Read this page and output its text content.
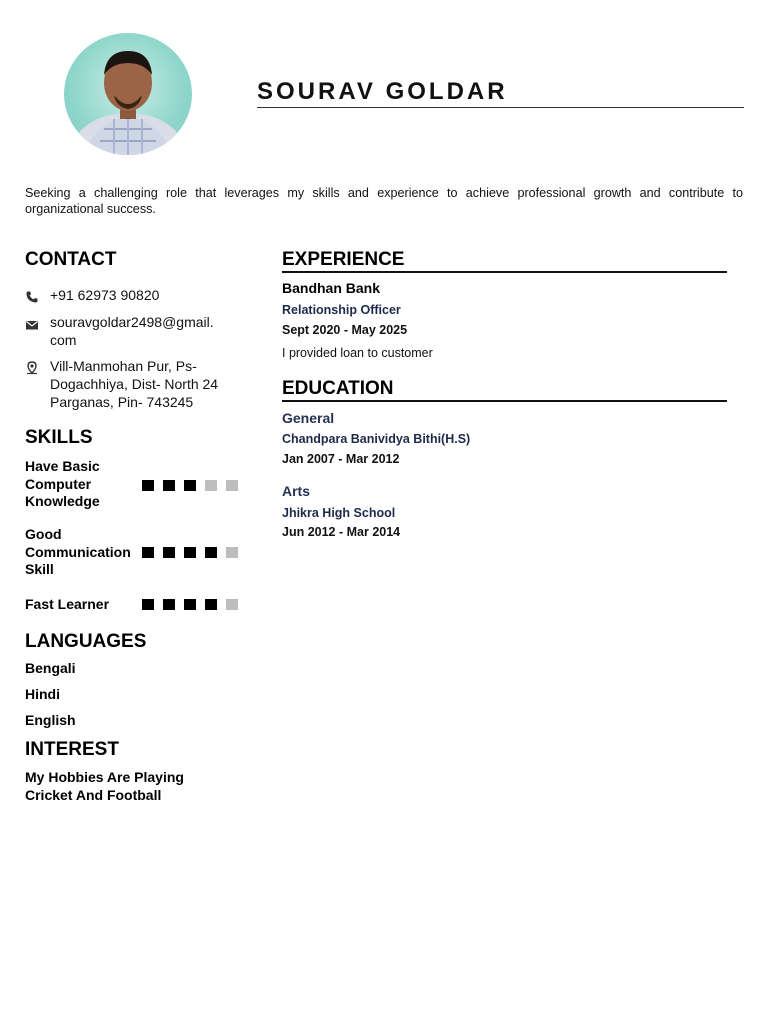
SOURAV GOLDAR
Seeking a challenging role that leverages my skills and experience to achieve professional growth and contribute to organizational success.
CONTACT
+91 62973 90820
souravgoldar2498@gmail.
com
Vill-Manmohan Pur, Ps-
Dogachhiya, Dist- North 24
Parganas, Pin- 743245
SKILLS
Have Basic
Computer
Knowledge
Good
Communication
Skill
Fast Learner
LANGUAGES
Bengali
Hindi
English
INTEREST
My Hobbies Are Playing
Cricket And Football
EXPERIENCE
Bandhan Bank
Relationship Officer
Sept 2020 - May 2025
I provided loan to customer
EDUCATION
General
Chandpara Banividya Bithi(H.S)
Jan 2007 - Mar 2012
Arts
Jhikra High School
Jun 2012 - Mar 2014
